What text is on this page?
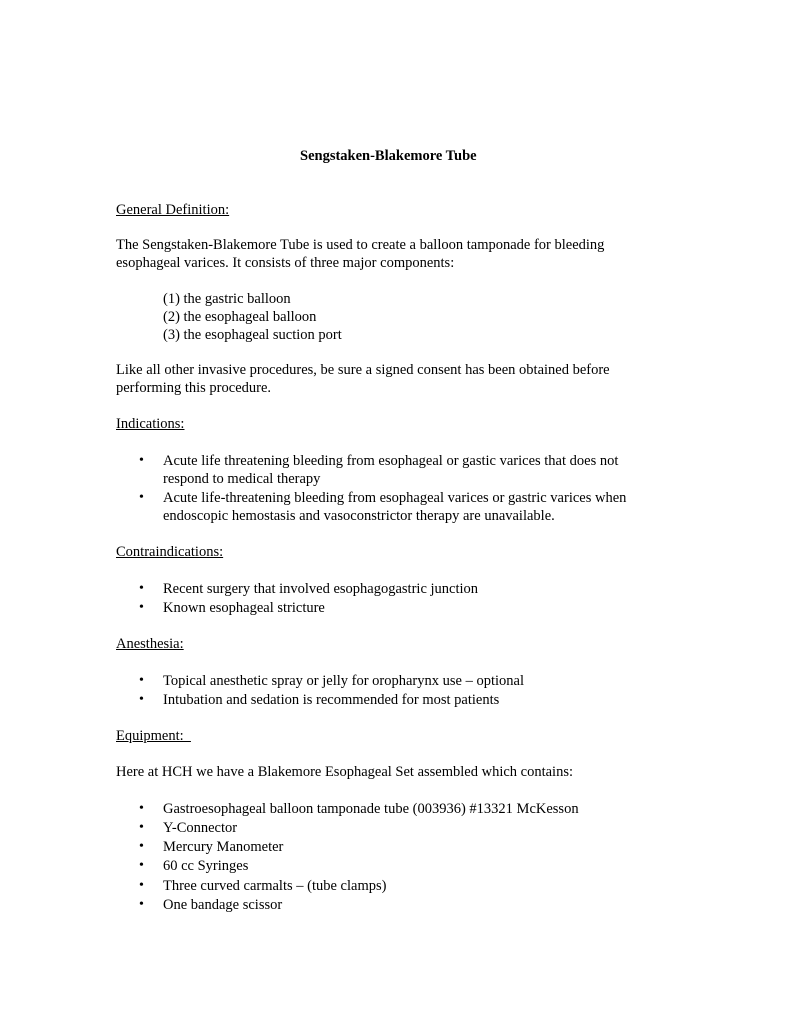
Sengstaken-Blakemore Tube
General Definition:
The Sengstaken-Blakemore Tube is used to create a balloon tamponade for bleeding
esophageal varices. It consists of three major components:
(1) the gastric balloon
(2) the esophageal balloon
(3) the esophageal suction port
Like all other invasive procedures, be sure a signed consent has been obtained before
performing this procedure.
Indications:
• Acute life threatening bleeding from esophageal or gastic varices that does not
respond to medical therapy
• Acute life-threatening bleeding from esophageal varices or gastric varices when
endoscopic hemostasis and vasoconstrictor therapy are unavailable.
Contraindications:
• Recent surgery that involved esophagogastric junction
• Known esophageal stricture
Anesthesia:
• Topical anesthetic spray or jelly for oropharynx use – optional
• Intubation and sedation is recommended for most patients
Equipment:
Here at HCH we have a Blakemore Esophageal Set assembled which contains:
• Gastroesophageal balloon tamponade tube (003936) #13321 McKesson
• Y-Connector
• Mercury Manometer
• 60 cc Syringes
• Three curved carmalts – (tube clamps)
• One bandage scissor
